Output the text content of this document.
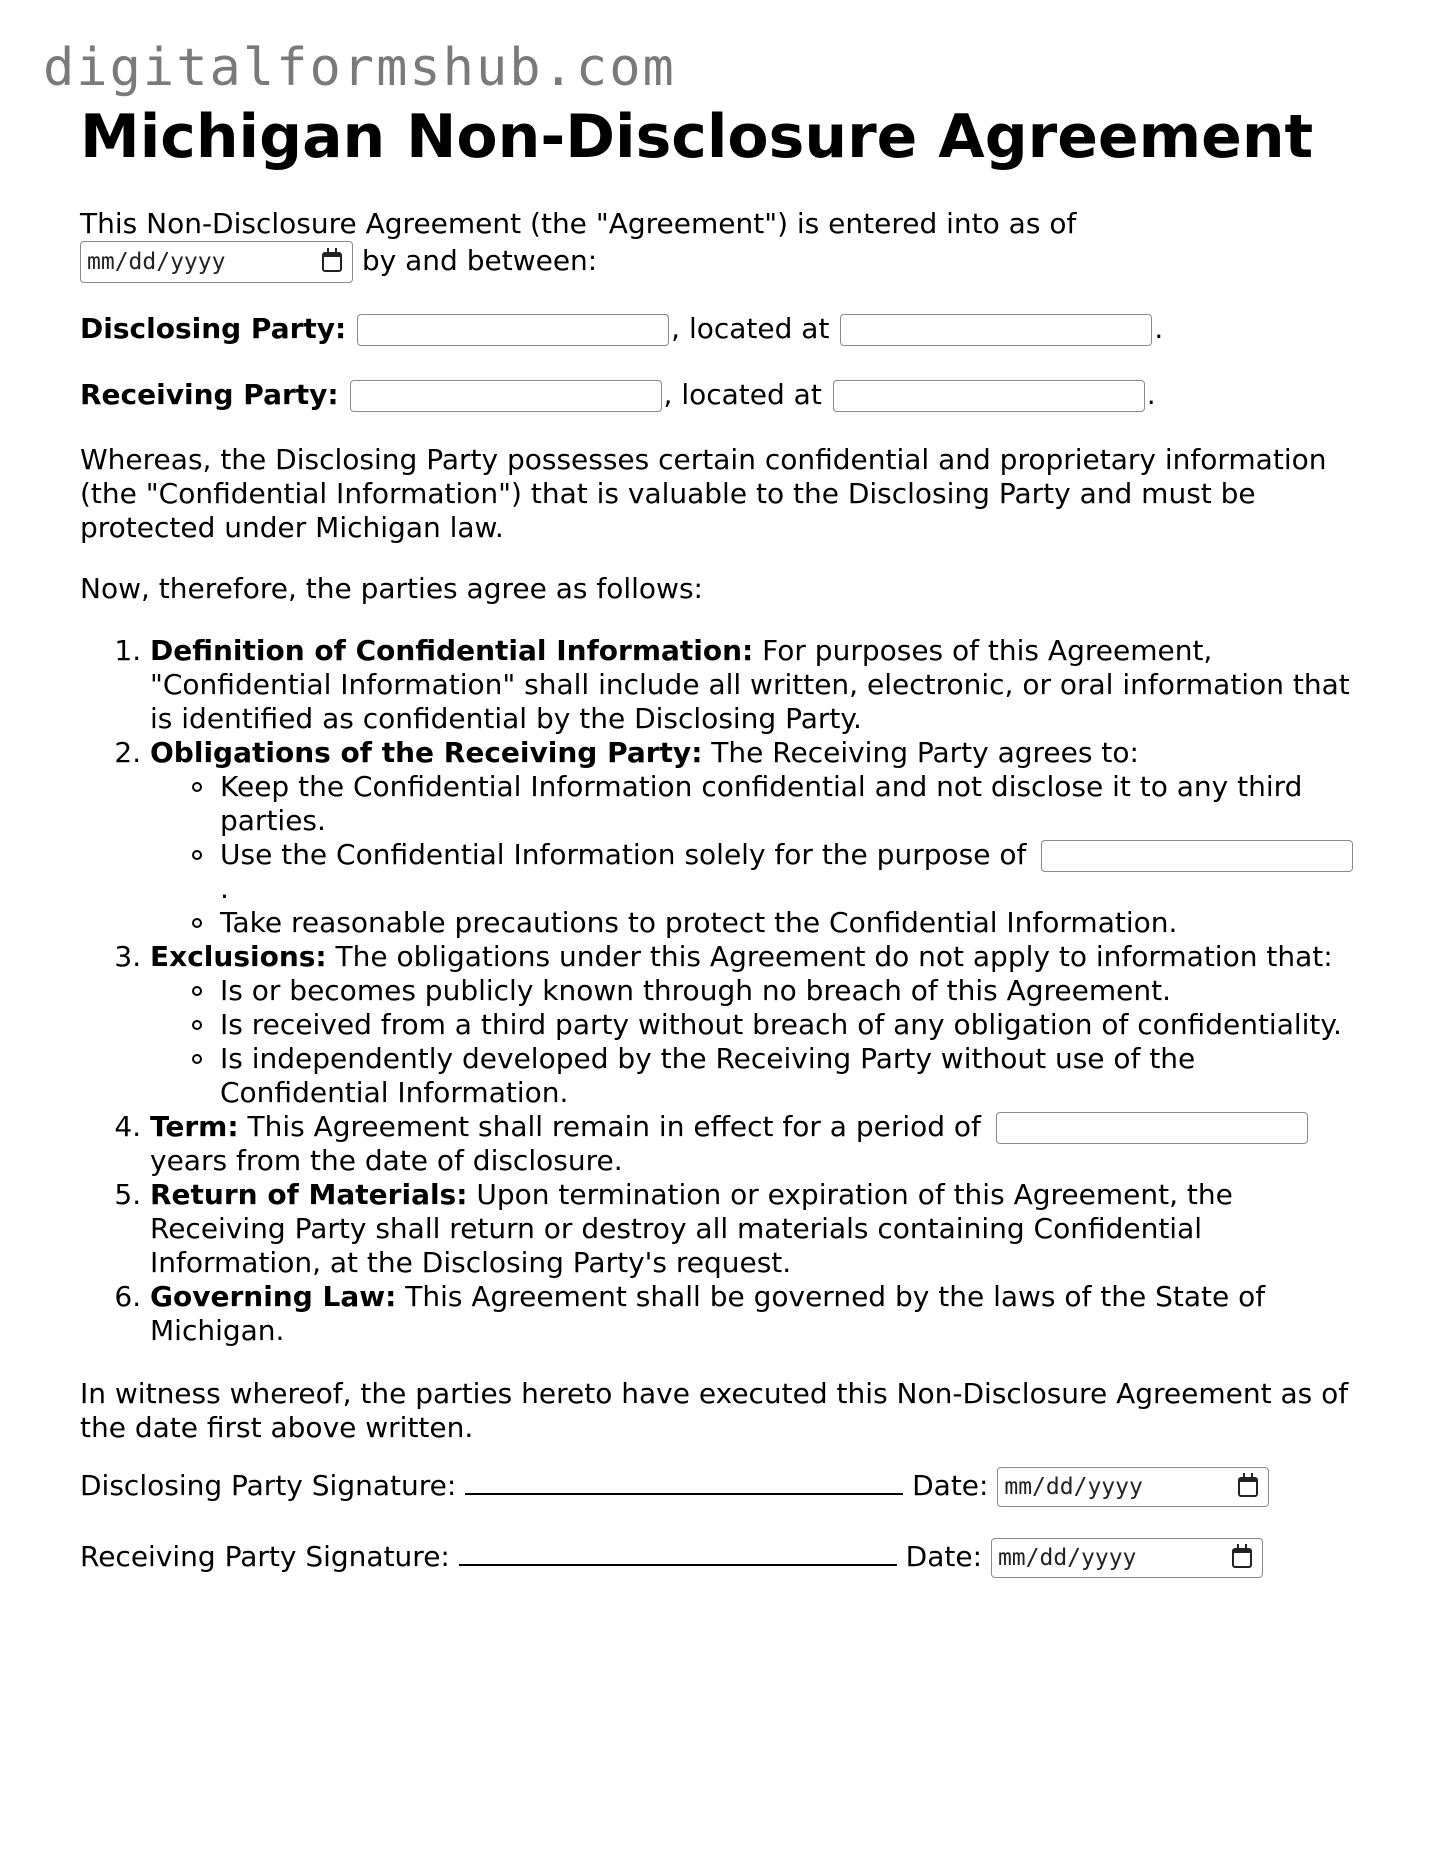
digitalformshub.com
Michigan Non-Disclosure Agreement
This Non-Disclosure Agreement (the "Agreement") is entered into as of

mm/dd/yyyy	by and between:
Disclosing Party:	, located at	.
Receiving Party:	, located at	.
Whereas, the Disclosing Party possesses certain confidential and proprietary information (the "Confidential Information") that is valuable to the Disclosing Party and must be protected under Michigan law.
Now, therefore, the parties agree as follows:
1. Definition of Confidential Information: For purposes of this Agreement, "Confidential Information" shall include all written, electronic, or oral information that is identified as confidential by the Disclosing Party.
2. Obligations of the Receiving Party: The Receiving Party agrees to:
Keep the Confidential Information confidential and not disclose it to any third parties.
Use the Confidential Information solely for the purpose of
.
Take reasonable precautions to protect the Confidential Information.
3. Exclusions: The obligations under this Agreement do not apply to information that:
Is or becomes publicly known through no breach of this Agreement.
Is received from a third party without breach of any obligation of confidentiality.
Is independently developed by the Receiving Party without use of the Confidential Information.
4. Term: This Agreement shall remain in effect for a period of
years from the date of disclosure.
5. Return of Materials: Upon termination or expiration of this Agreement, the Receiving Party shall return or destroy all materials containing Confidential Information, at the Disclosing Party's request.
6. Governing Law: This Agreement shall be governed by the laws of the State of Michigan.
In witness whereof, the parties hereto have executed this Non-Disclosure Agreement as of the date first above written.
Disclosing Party Signature:	Date: mm/dd/yyyy
Receiving Party Signature:	Date: mm/dd/yyyy
